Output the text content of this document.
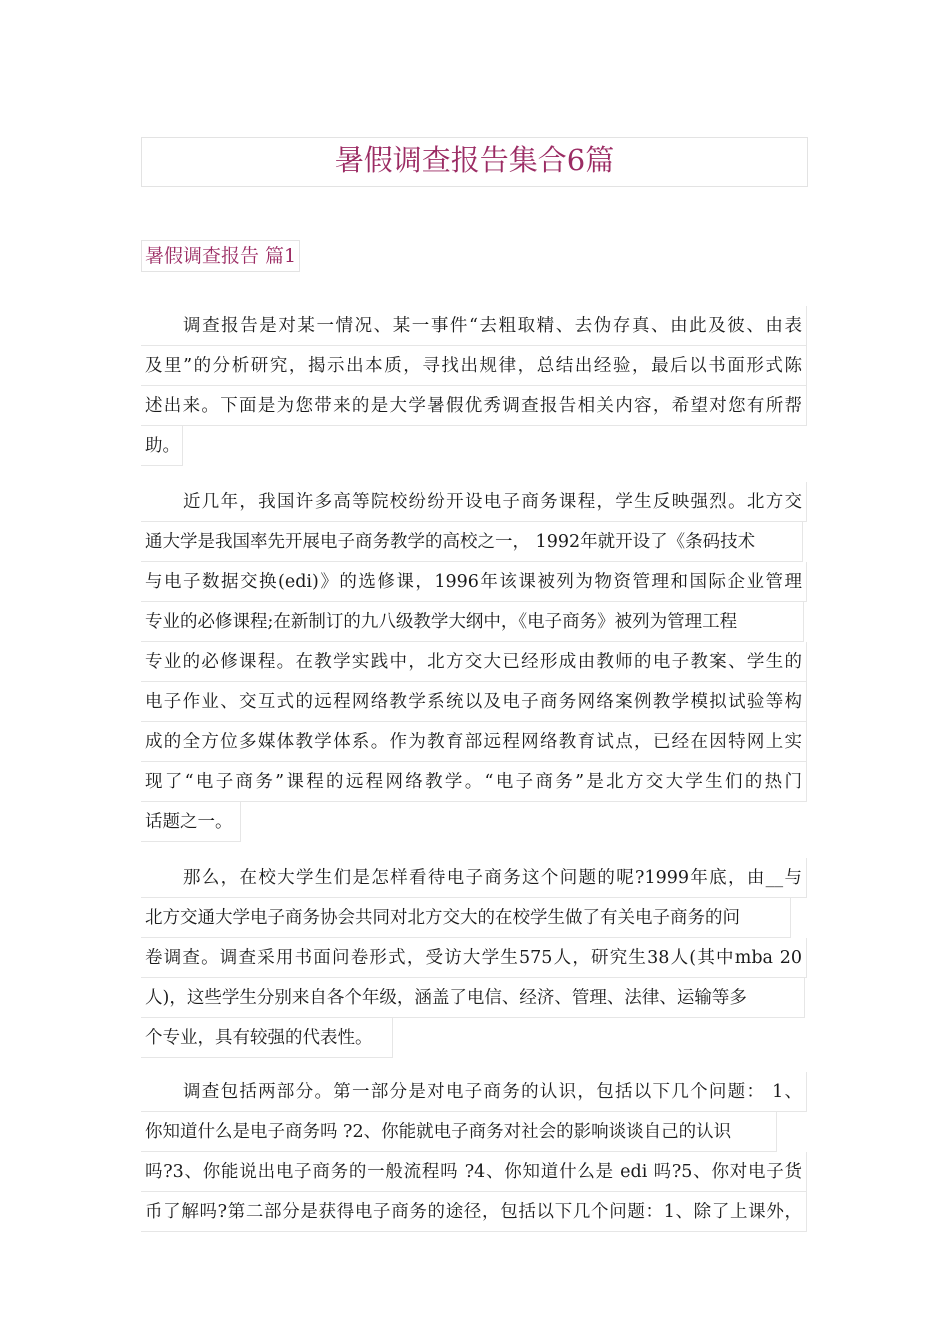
暑假调查报告集合6篇
暑假调查报告 篇1
调查报告是对某一情况、某一事件“去粗取精、去伪存真、由此及彼、由表
及里”的分析研究，揭示出本质，寻找出规律，总结出经验，最后以书面形式陈
述出来。下面是为您带来的是大学暑假优秀调查报告相关内容，希望对您有所帮
助。
近几年，我国许多高等院校纷纷开设电子商务课程，学生反映强烈。北方交
通大学是我国率先开展电子商务教学的高校之一， 1992年就开设了《条码技术
与电子数据交换(edi)》的选修课，1996年该课被列为物资管理和国际企业管理
专业的必修课程;在新制订的九八级教学大纲中，《电子商务》被列为管理工程
专业的必修课程。在教学实践中，北方交大已经形成由教师的电子教案、学生的
电子作业、交互式的远程网络教学系统以及电子商务网络案例教学模拟试验等构
成的全方位多媒体教学体系。作为教育部远程网络教育试点，已经在因特网上实
现了“电子商务”课程的远程网络教学。“电子商务”是北方交大学生们的热门
话题之一。
那么，在校大学生们是怎样看待电子商务这个问题的呢?1999年底，由__与
北方交通大学电子商务协会共同对北方交大的在校学生做了有关电子商务的问
卷调查。调查采用书面问卷形式，受访大学生575人，研究生38人(其中mba 20
人)，这些学生分别来自各个年级，涵盖了电信、经济、管理、法律、运输等多
个专业，具有较强的代表性。
调查包括两部分。第一部分是对电子商务的认识，包括以下几个问题： 1、
你知道什么是电子商务吗 ?2、你能就电子商务对社会的影响谈谈自己的认识
吗?3、你能说出电子商务的一般流程吗 ?4、你知道什么是 edi 吗?5、你对电子货
币了解吗?第二部分是获得电子商务的途径，包括以下几个问题：1、除了上课外，
